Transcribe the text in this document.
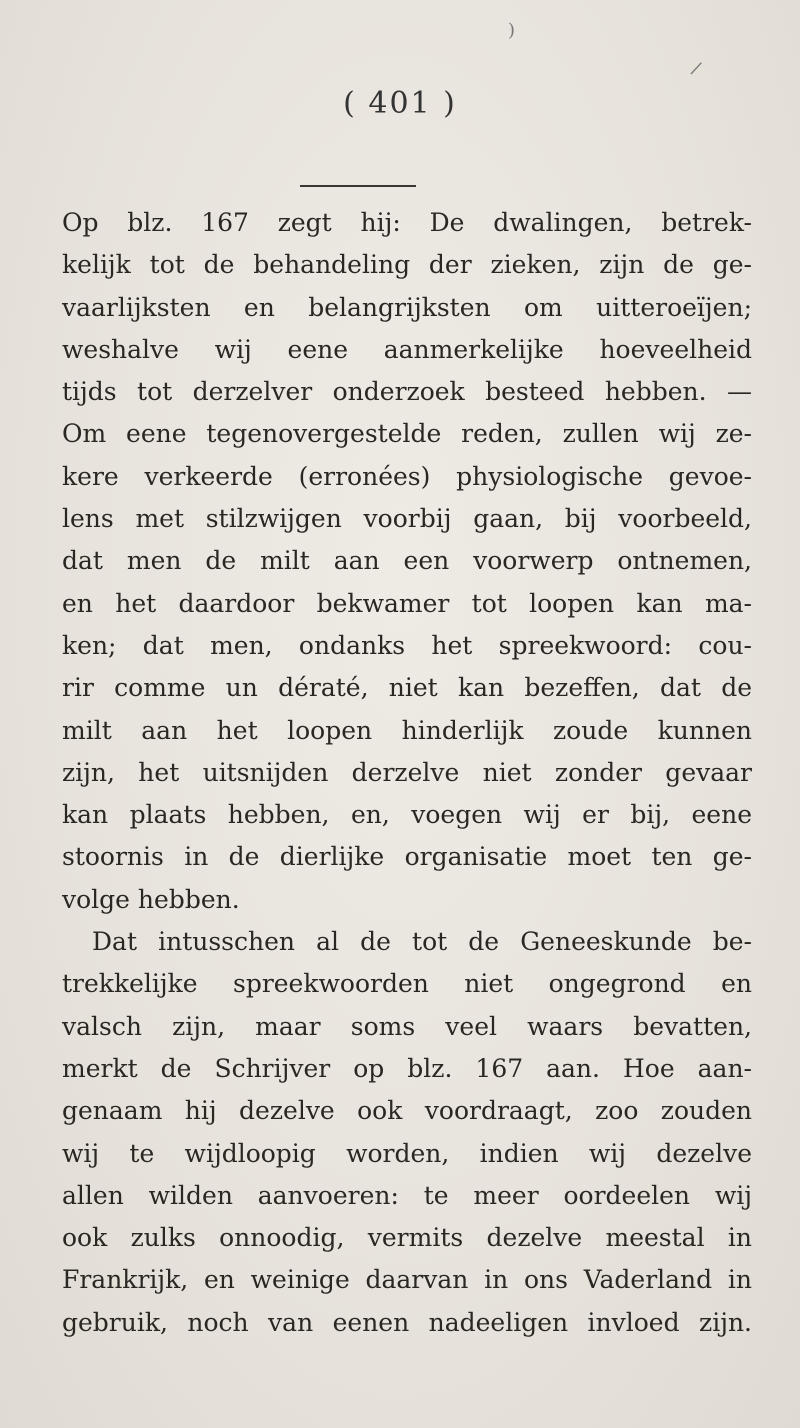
/
)
( 401 )
Op blz. 167 zegt hij: De dwalingen, betrek-
kelijk tot de behandeling der zieken, zijn de ge-
vaarlijksten en belangrijksten om uitteroeïjen;
weshalve wij eene aanmerkelijke hoeveelheid
tijds tot derzelver onderzoek besteed hebben. —
Om eene tegenovergestelde reden, zullen wij ze-
kere verkeerde (erronées) physiologische gevoe-
lens met stilzwijgen voorbij gaan, bij voorbeeld,
dat men de milt aan een voorwerp ontnemen,
en het daardoor bekwamer tot loopen kan ma-
ken; dat men, ondanks het spreekwoord: cou-
rir comme un dératé, niet kan bezeffen, dat de
milt aan het loopen hinderlijk zoude kunnen
zijn, het uitsnijden derzelve niet zonder gevaar
kan plaats hebben, en, voegen wij er bij, eene
stoornis in de dierlijke organisatie moet ten ge-
volge hebben.
Dat intusschen al de tot de Geneeskunde be-
trekkelijke spreekwoorden niet ongegrond en
valsch zijn, maar soms veel waars bevatten,
merkt de Schrijver op blz. 167 aan. Hoe aan-
genaam hij dezelve ook voordraagt, zoo zouden
wij te wijdloopig worden, indien wij dezelve
allen wilden aanvoeren: te meer oordeelen wij
ook zulks onnoodig, vermits dezelve meestal in
Frankrijk, en weinige daarvan in ons Vaderland in
gebruik, noch van eenen nadeeligen invloed zijn.
